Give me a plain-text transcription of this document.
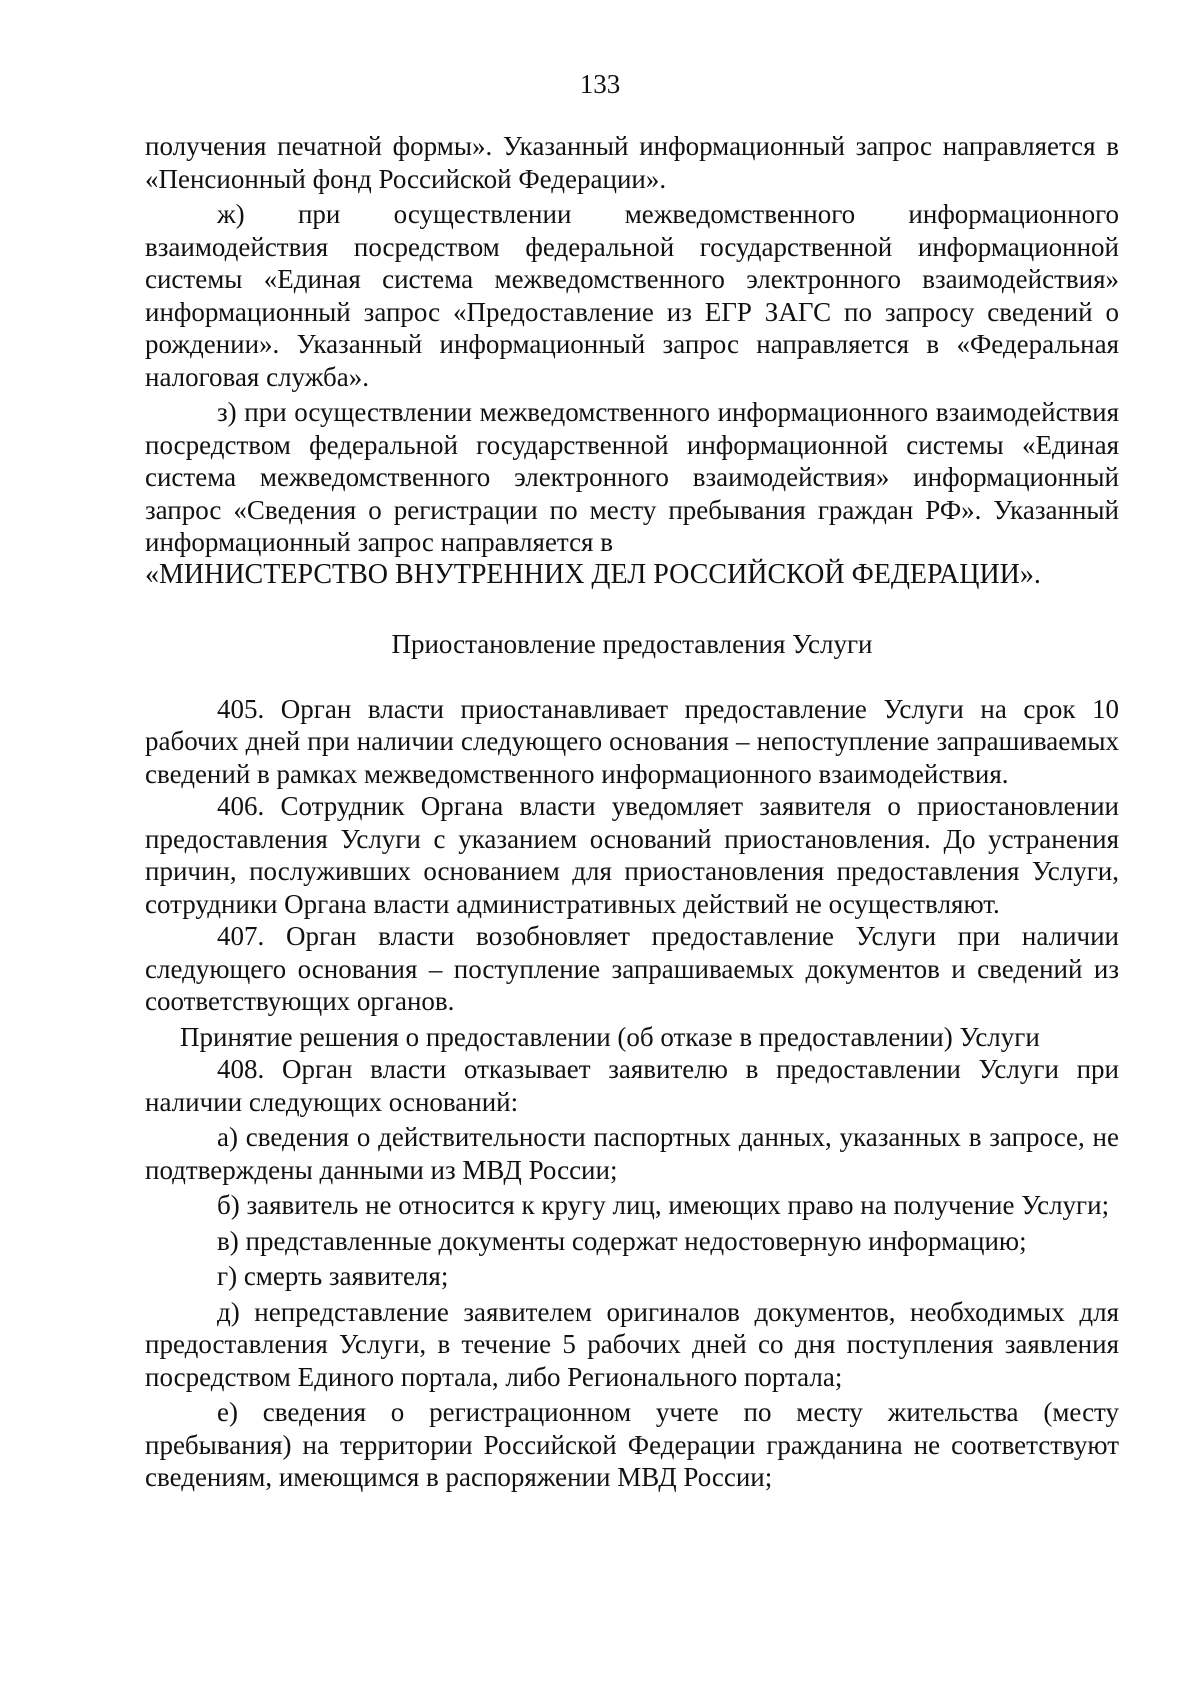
133

получения печатной формы». Указанный информационный запрос направляется в «Пенсионный фонд Российской Федерации».

ж) при осуществлении межведомственного информационного взаимодействия посредством федеральной государственной информационной системы «Единая система межведомственного электронного взаимодействия» информационный запрос «Предоставление из ЕГР ЗАГС по запросу сведений о рождении». Указанный информационный запрос направляется в «Федеральная налоговая служба».

з) при осуществлении межведомственного информационного взаимодействия посредством федеральной государственной информационной системы «Единая система межведомственного электронного взаимодействия» информационный запрос «Сведения о регистрации по месту пребывания граждан РФ». Указанный информационный запрос направляется в

«МИНИСТЕРСТВО ВНУТРЕННИХ ДЕЛ РОССИЙСКОЙ ФЕДЕРАЦИИ».

Приостановление предоставления Услуги

405. Орган власти приостанавливает предоставление Услуги на срок 10 рабочих дней при наличии следующего основания – непоступление запрашиваемых сведений в рамках межведомственного информационного взаимодействия.

406. Сотрудник Органа власти уведомляет заявителя о приостановлении предоставления Услуги с указанием оснований приостановления. До устранения причин, послуживших основанием для приостановления предоставления Услуги, сотрудники Органа власти административных действий не осуществляют.

407. Орган власти возобновляет предоставление Услуги при наличии следующего основания – поступление запрашиваемых документов и сведений из соответствующих органов.

Принятие решения о предоставлении (об отказе в предоставлении) Услуги

408. Орган власти отказывает заявителю в предоставлении Услуги при наличии следующих оснований:

а) сведения о действительности паспортных данных, указанных в запросе, не подтверждены данными из МВД России;

б) заявитель не относится к кругу лиц, имеющих право на получение Услуги;

в) представленные документы содержат недостоверную информацию;

г) смерть заявителя;

д) непредставление заявителем оригиналов документов, необходимых для предоставления Услуги, в течение 5 рабочих дней со дня поступления заявления посредством Единого портала, либо Регионального портала;

е) сведения о регистрационном учете по месту жительства (месту пребывания) на территории Российской Федерации гражданина не соответствуют сведениям, имеющимся в распоряжении МВД России;
